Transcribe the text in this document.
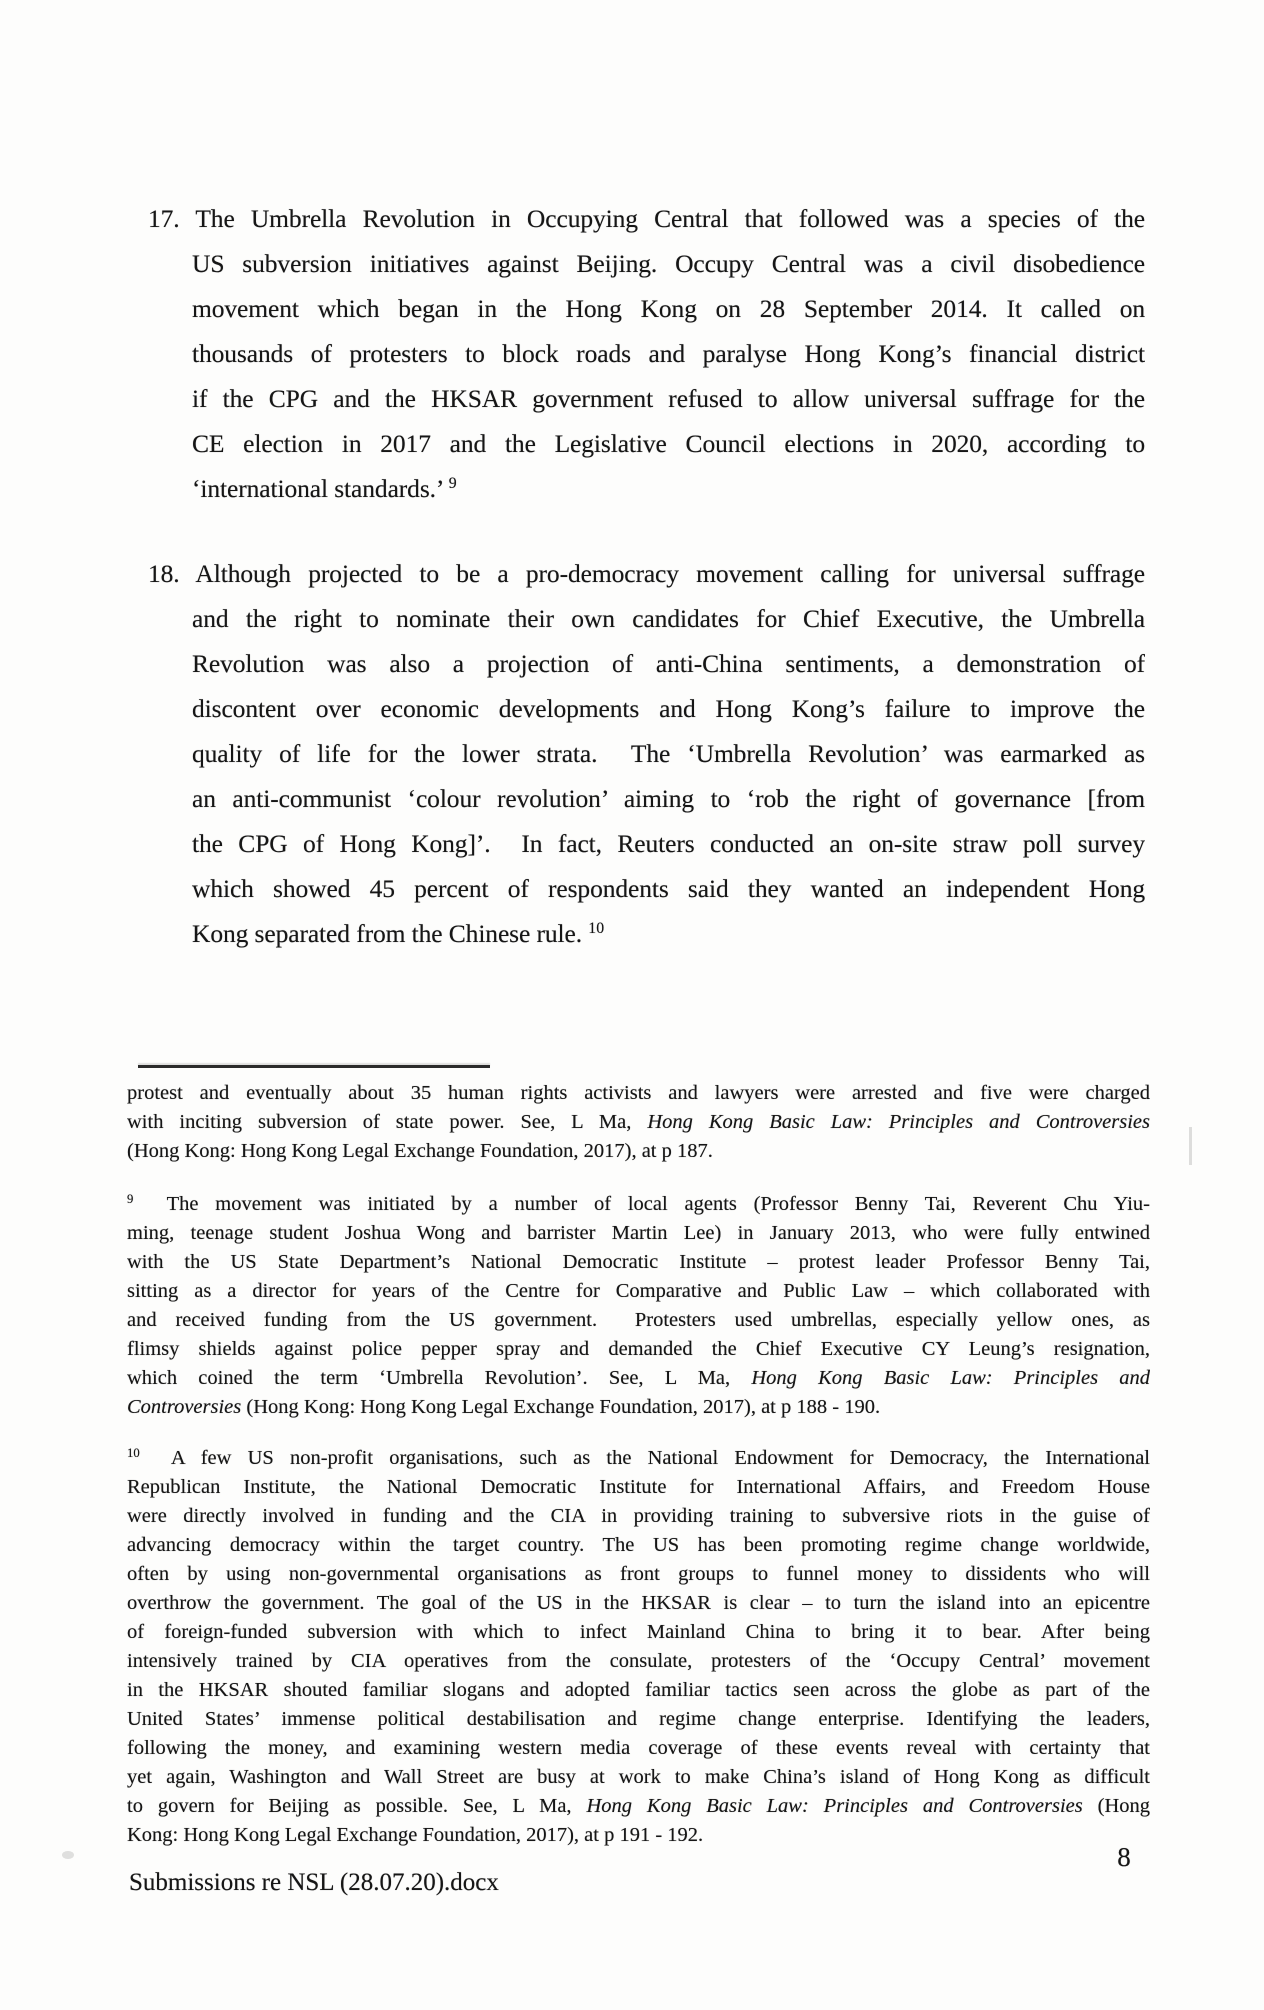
17. The Umbrella Revolution in Occupying Central that followed was a species of the
US subversion initiatives against Beijing. Occupy Central was a civil disobedience
movement which began in the Hong Kong on 28 September 2014. It called on
thousands of protesters to block roads and paralyse Hong Kong’s financial district
if the CPG and the HKSAR government refused to allow universal suffrage for the
CE election in 2017 and the Legislative Council elections in 2020, according to
‘international standards.’ $^9$
18. Although projected to be a pro-democracy movement calling for universal suffrage
and the right to nominate their own candidates for Chief Executive, the Umbrella
Revolution was also a projection of anti-China sentiments, a demonstration of
discontent over economic developments and Hong Kong’s failure to improve the
quality of life for the lower strata.  The ‘Umbrella Revolution’ was earmarked as
an anti-communist ‘colour revolution’ aiming to ‘rob the right of governance [from
the CPG of Hong Kong]’.  In fact, Reuters conducted an on-site straw poll survey
which showed 45 percent of respondents said they wanted an independent Hong
Kong separated from the Chinese rule. $^{10}$
protest and eventually about 35 human rights activists and lawyers were arrested and five were charged
with inciting subversion of state power. See, L Ma, Hong Kong Basic Law: Principles and Controversies
(Hong Kong: Hong Kong Legal Exchange Foundation, 2017), at p 187.
$^9$  The movement was initiated by a number of local agents (Professor Benny Tai, Reverent Chu Yiu-
ming, teenage student Joshua Wong and barrister Martin Lee) in January 2013, who were fully entwined
with the US State Department’s National Democratic Institute – protest leader Professor Benny Tai,
sitting as a director for years of the Centre for Comparative and Public Law – which collaborated with
and received funding from the US government.  Protesters used umbrellas, especially yellow ones, as
flimsy shields against police pepper spray and demanded the Chief Executive CY Leung’s resignation,
which coined the term ‘Umbrella Revolution’. See, L Ma, Hong Kong Basic Law: Principles and
Controversies (Hong Kong: Hong Kong Legal Exchange Foundation, 2017), at p 188 - 190.
$^{10}$  A few US non-profit organisations, such as the National Endowment for Democracy, the International
Republican Institute, the National Democratic Institute for International Affairs, and Freedom House
were directly involved in funding and the CIA in providing training to subversive riots in the guise of
advancing democracy within the target country. The US has been promoting regime change worldwide,
often by using non-governmental organisations as front groups to funnel money to dissidents who will
overthrow the government. The goal of the US in the HKSAR is clear – to turn the island into an epicentre
of foreign-funded subversion with which to infect Mainland China to bring it to bear. After being
intensively trained by CIA operatives from the consulate, protesters of the ‘Occupy Central’ movement
in the HKSAR shouted familiar slogans and adopted familiar tactics seen across the globe as part of the
United States’ immense political destabilisation and regime change enterprise. Identifying the leaders,
following the money, and examining western media coverage of these events reveal with certainty that
yet again, Washington and Wall Street are busy at work to make China’s island of Hong Kong as difficult
to govern for Beijing as possible. See, L Ma, Hong Kong Basic Law: Principles and Controversies (Hong
Kong: Hong Kong Legal Exchange Foundation, 2017), at p 191 - 192.
8
Submissions re NSL (28.07.20).docx
